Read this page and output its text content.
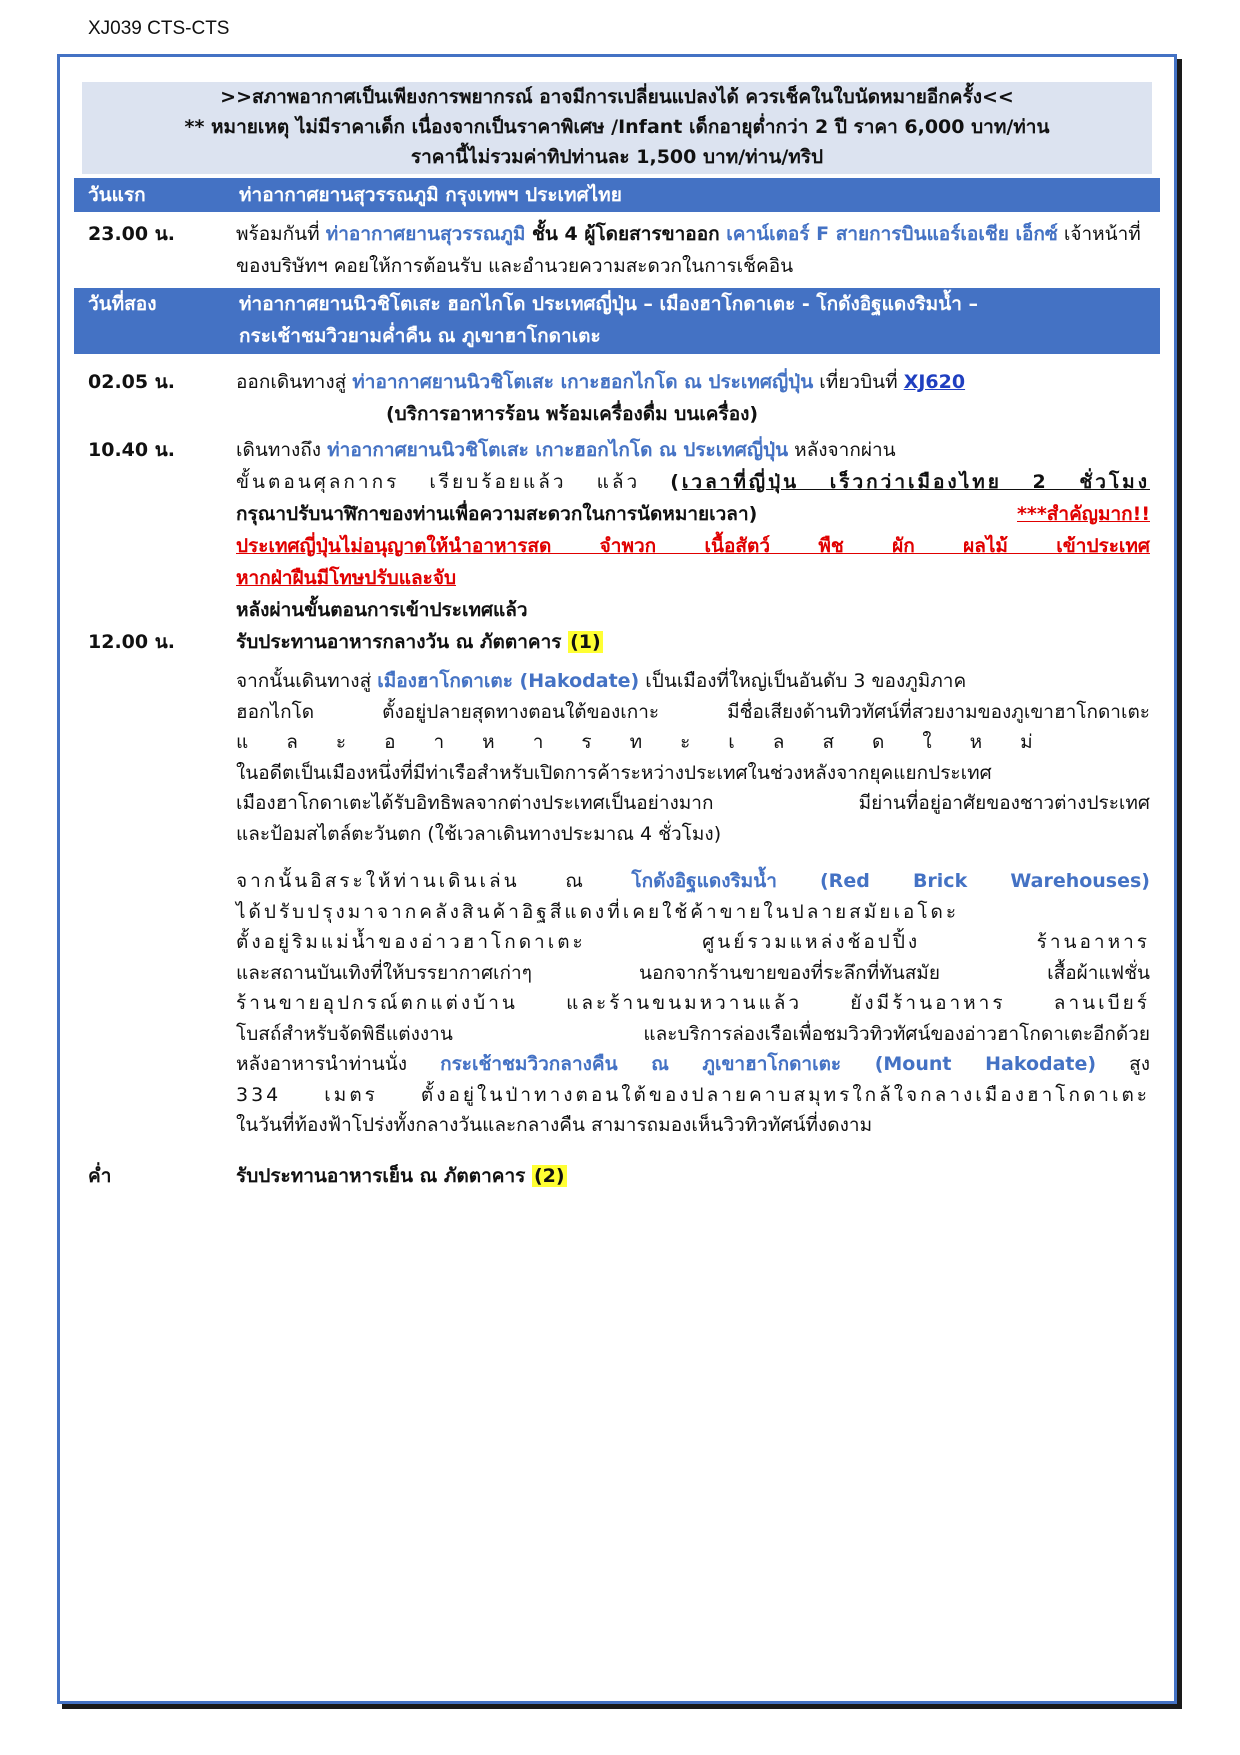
XJ039 CTS-CTS
>>สภาพอากาศเป็นเพียงการพยากรณ์ อาจมีการเปลี่ยนแปลงได้ ควรเช็คในใบนัดหมายอีกครั้ง<<
** หมายเหตุ ไม่มีราคาเด็ก เนื่องจากเป็นราคาพิเศษ /Infant เด็กอายุต่ำกว่า 2 ปี ราคา 6,000 บาท/ท่าน
ราคานี้ไม่รวมค่าทิปท่านละ 1,500 บาท/ท่าน/ทริป
วันแรก	ท่าอากาศยานสุวรรณภูมิ กรุงเทพฯ ประเทศไทย
23.00 น.	พร้อมกันที่ ท่าอากาศยานสุวรรณภูมิ ชั้น 4 ผู้โดยสารขาออก เคาน์เตอร์ F สายการบินแอร์เอเชีย เอ็กซ์ เจ้าหน้าที่ของบริษัทฯ คอยให้การต้อนรับ และอำนวยความสะดวกในการเช็คอิน
วันที่สอง	ท่าอากาศยานนิวชิโตเสะ ฮอกไกโด ประเทศญี่ปุ่น – เมืองฮาโกดาเตะ - โกดังอิฐแดงริมน้ำ –
กระเช้าชมวิวยามค่ำคืน ณ ภูเขาฮาโกดาเตะ
02.05 น.	ออกเดินทางสู่ ท่าอากาศยานนิวชิโตเสะ เกาะฮอกไกโด ณ ประเทศญี่ปุ่น เที่ยวบินที่ XJ620
(บริการอาหารร้อน พร้อมเครื่องดื่ม บนเครื่อง)
10.40 น.	เดินทางถึง ท่าอากาศยานนิวชิโตเสะ เกาะฮอกไกโด ณ ประเทศญี่ปุ่น หลังจากผ่าน
ขั้นตอนศุลกากร เรียบร้อยแล้ว แล้ว (เวลาที่ญี่ปุ่น เร็วกว่าเมืองไทย 2 ชั่วโมง
กรุณาปรับนาฬิกาของท่านเพื่อความสะดวกในการนัดหมายเวลา) ***สำคัญมาก!!
ประเทศญี่ปุ่นไม่อนุญาตให้นำอาหารสด จำพวก เนื้อสัตว์ พืช ผัก ผลไม้ เข้าประเทศ
หากฝ่าฝืนมีโทษปรับและจับ
หลังผ่านขั้นตอนการเข้าประเทศแล้ว
12.00 น.	รับประทานอาหารกลางวัน ณ ภัตตาคาร (1)
จากนั้นเดินทางสู่ เมืองฮาโกดาเตะ (Hakodate) เป็นเมืองที่ใหญ่เป็นอันดับ 3 ของภูมิภาค
ฮอกไกโด ตั้งอยู่ปลายสุดทางตอนใต้ของเกาะ มีชื่อเสียงด้านทิวทัศน์ที่สวยงามของภูเขาฮาโกดาเตะ
และอาหารทะเลสดใหม่
ในอดีตเป็นเมืองหนึ่งที่มีท่าเรือสำหรับเปิดการค้าระหว่างประเทศในช่วงหลังจากยุคแยกประเทศ
เมืองฮาโกดาเตะได้รับอิทธิพลจากต่างประเทศเป็นอย่างมาก มีย่านที่อยู่อาศัยของชาวต่างประเทศ
และป้อมสไตล์ตะวันตก (ใช้เวลาเดินทางประมาณ 4 ชั่วโมง)
จากนั้นอิสระให้ท่านเดินเล่น ณ โกดังอิฐแดงริมน้ำ (Red Brick Warehouses)
ได้ปรับปรุงมาจากคลังสินค้าอิฐสีแดงที่เคยใช้ค้าขายในปลายสมัยเอโดะ
ตั้งอยู่ริมแม่น้ำของอ่าวฮาโกดาเตะ ศูนย์รวมแหล่งช้อปปิ้ง ร้านอาหาร
และสถานบันเทิงที่ให้บรรยากาศเก่าๆ นอกจากร้านขายของที่ระลึกที่ทันสมัย เสื้อผ้าแฟชั่น
ร้านขายอุปกรณ์ตกแต่งบ้าน และร้านขนมหวานแล้ว ยังมีร้านอาหาร ลานเบียร์
โบสถ์สำหรับจัดพิธีแต่งงาน และบริการล่องเรือเพื่อชมวิวทิวทัศน์ของอ่าวฮาโกดาเตะอีกด้วย
หลังอาหารนำท่านนั่ง กระเช้าชมวิวกลางคืน ณ ภูเขาฮาโกดาเตะ (Mount Hakodate) สูง
334 เมตร ตั้งอยู่ในป่าทางตอนใต้ของปลายคาบสมุทรใกล้ใจกลางเมืองฮาโกดาเตะ
ในวันที่ท้องฟ้าโปร่งทั้งกลางวันและกลางคืน สามารถมองเห็นวิวทิวทัศน์ที่งดงาม
ค่ำ	รับประทานอาหารเย็น ณ ภัตตาคาร (2)
